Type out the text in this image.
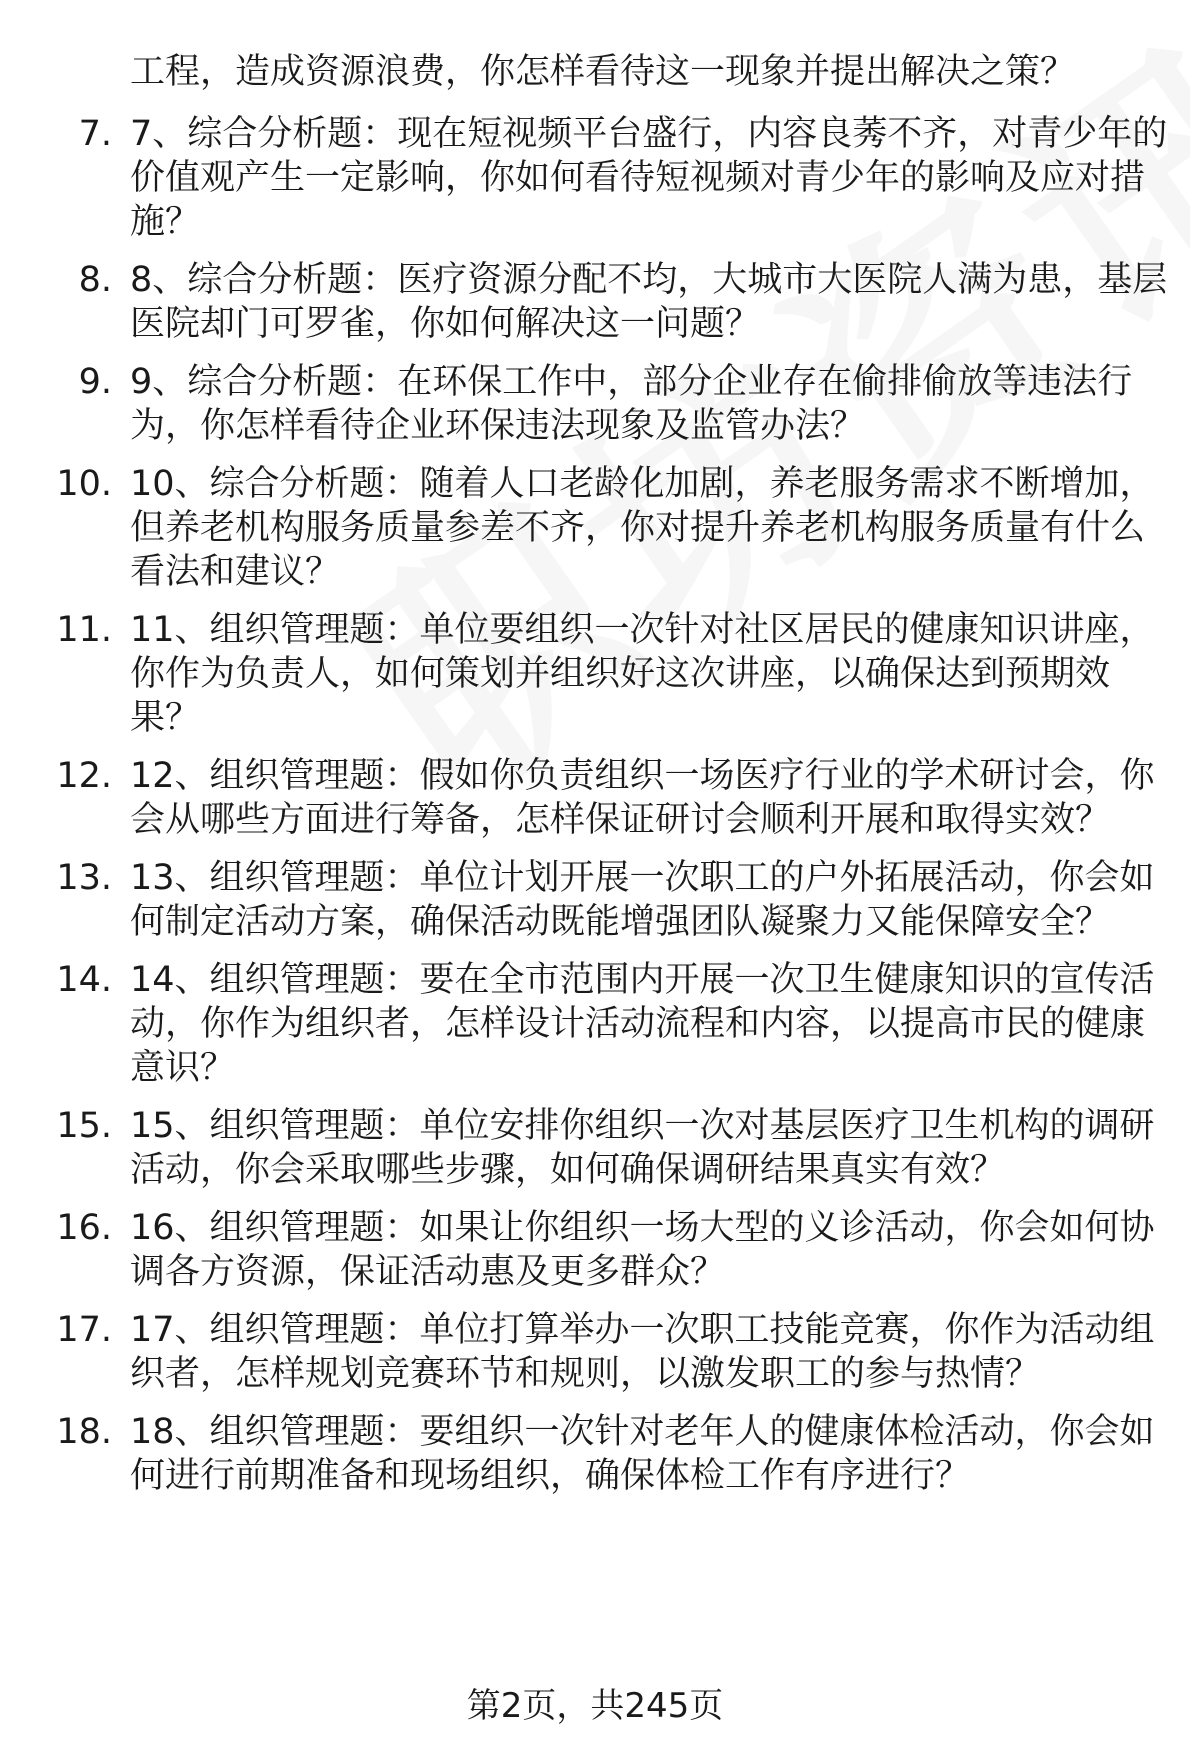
工程，造成资源浪费，你怎样看待这一现象并提出解决之策？
7. 7、综合分析题：现在短视频平台盛行，内容良莠不齐，对青少年的价值观产生一定影响，你如何看待短视频对青少年的影响及应对措施？
8. 8、综合分析题：医疗资源分配不均，大城市大医院人满为患，基层医院却门可罗雀，你如何解决这一问题？
9. 9、综合分析题：在环保工作中，部分企业存在偷排偷放等违法行为，你怎样看待企业环保违法现象及监管办法？
10. 10、综合分析题：随着人口老龄化加剧，养老服务需求不断增加，但养老机构服务质量参差不齐，你对提升养老机构服务质量有什么看法和建议？
11. 11、组织管理题：单位要组织一次针对社区居民的健康知识讲座，你作为负责人，如何策划并组织好这次讲座，以确保达到预期效果？
12. 12、组织管理题：假如你负责组织一场医疗行业的学术研讨会，你会从哪些方面进行筹备，怎样保证研讨会顺利开展和取得实效？
13. 13、组织管理题：单位计划开展一次职工的户外拓展活动，你会如何制定活动方案，确保活动既能增强团队凝聚力又能保障安全？
14. 14、组织管理题：要在全市范围内开展一次卫生健康知识的宣传活动，你作为组织者，怎样设计活动流程和内容，以提高市民的健康意识？
15. 15、组织管理题：单位安排你组织一次对基层医疗卫生机构的调研活动，你会采取哪些步骤，如何确保调研结果真实有效？
16. 16、组织管理题：如果让你组织一场大型的义诊活动，你会如何协调各方资源，保证活动惠及更多群众？
17. 17、组织管理题：单位打算举办一次职工技能竞赛，你作为活动组织者，怎样规划竞赛环节和规则，以激发职工的参与热情？
18. 18、组织管理题：要组织一次针对老年人的健康体检活动，你会如何进行前期准备和现场组织，确保体检工作有序进行？
第2页，共245页
